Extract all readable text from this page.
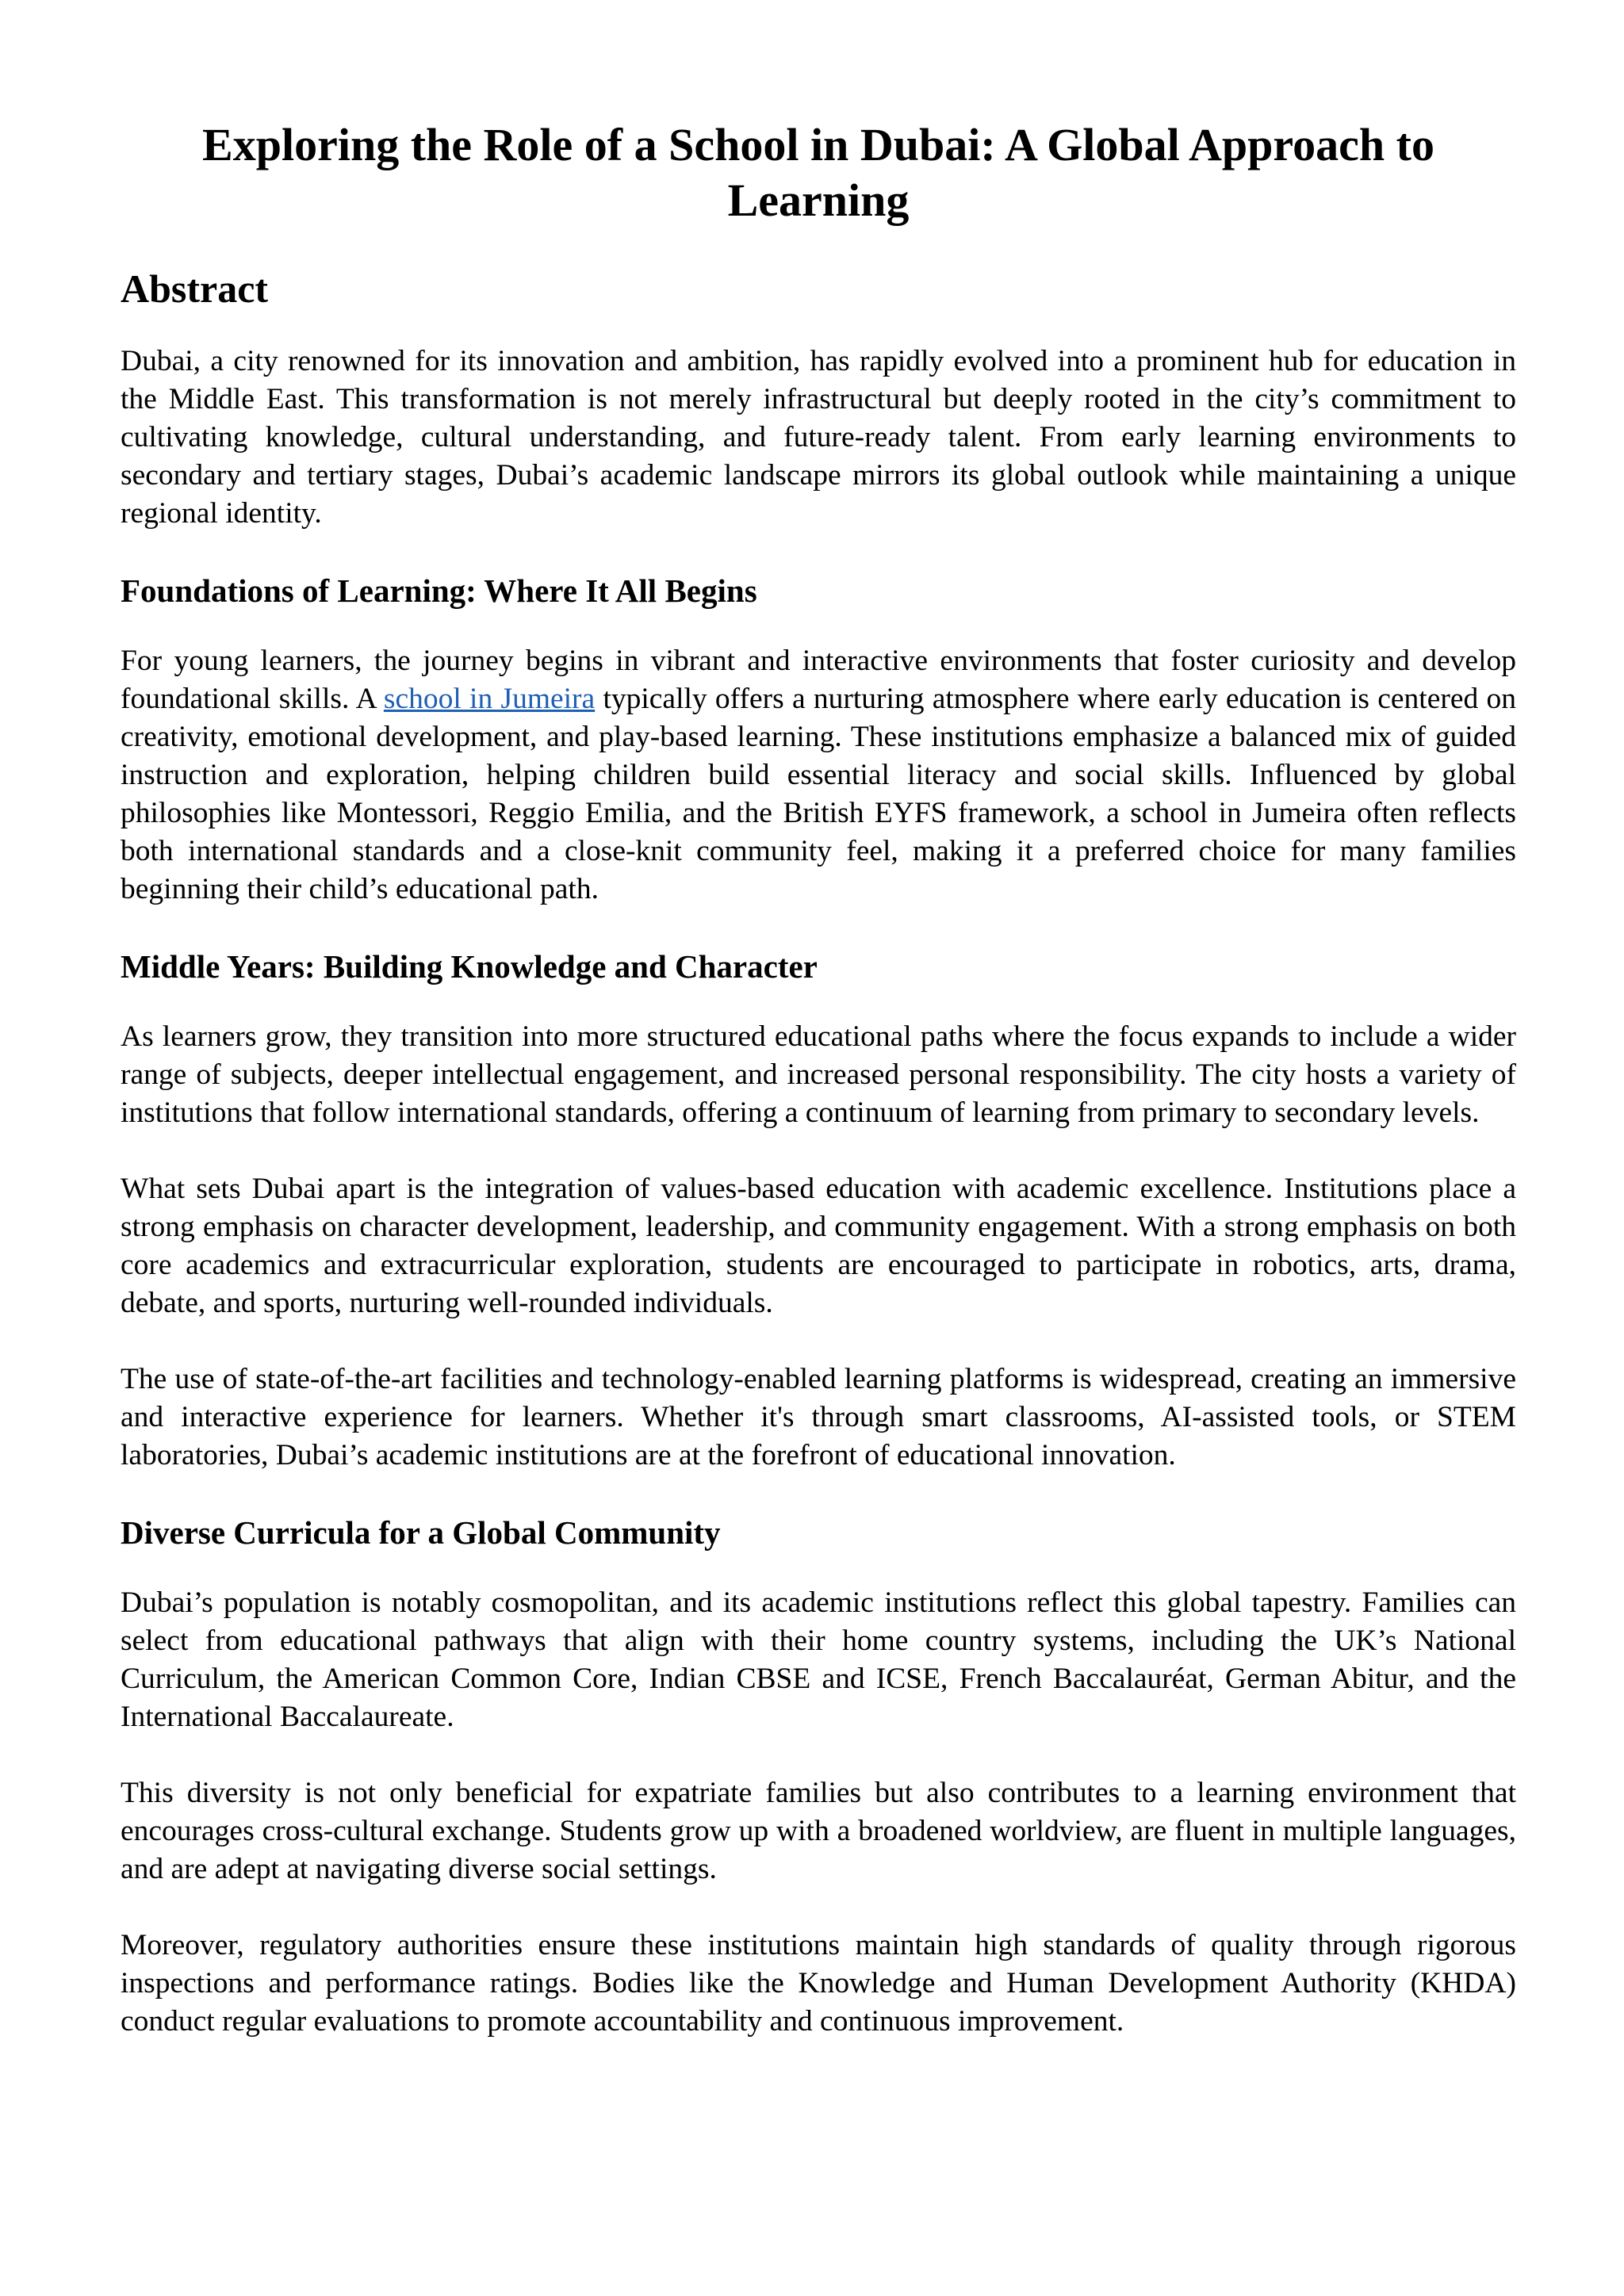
Exploring the Role of a School in Dubai: A Global Approach to Learning
Abstract

Dubai, a city renowned for its innovation and ambition, has rapidly evolved into a prominent hub for education in the Middle East. This transformation is not merely infrastructural but deeply rooted in the city’s commitment to cultivating knowledge, cultural understanding, and future-ready talent. From early learning environments to secondary and tertiary stages, Dubai’s academic landscape mirrors its global outlook while maintaining a unique regional identity.

Foundations of Learning: Where It All Begins

For young learners, the journey begins in vibrant and interactive environments that foster curiosity and develop foundational skills. A school in Jumeira typically offers a nurturing atmosphere where early education is centered on creativity, emotional development, and play-based learning. These institutions emphasize a balanced mix of guided instruction and exploration, helping children build essential literacy and social skills. Influenced by global philosophies like Montessori, Reggio Emilia, and the British EYFS framework, a school in Jumeira often reflects both international standards and a close-knit community feel, making it a preferred choice for many families beginning their child’s educational path.

Middle Years: Building Knowledge and Character

As learners grow, they transition into more structured educational paths where the focus expands to include a wider range of subjects, deeper intellectual engagement, and increased personal responsibility. The city hosts a variety of institutions that follow international standards, offering a continuum of learning from primary to secondary levels.

What sets Dubai apart is the integration of values-based education with academic excellence. Institutions place a strong emphasis on character development, leadership, and community engagement. With a strong emphasis on both core academics and extracurricular exploration, students are encouraged to participate in robotics, arts, drama, debate, and sports, nurturing well-rounded individuals.

The use of state-of-the-art facilities and technology-enabled learning platforms is widespread, creating an immersive and interactive experience for learners. Whether it's through smart classrooms, AI-assisted tools, or STEM laboratories, Dubai’s academic institutions are at the forefront of educational innovation.

Diverse Curricula for a Global Community

Dubai’s population is notably cosmopolitan, and its academic institutions reflect this global tapestry. Families can select from educational pathways that align with their home country systems, including the UK’s National Curriculum, the American Common Core, Indian CBSE and ICSE, French Baccalauréat, German Abitur, and the International Baccalaureate.

This diversity is not only beneficial for expatriate families but also contributes to a learning environment that encourages cross-cultural exchange. Students grow up with a broadened worldview, are fluent in multiple languages, and are adept at navigating diverse social settings.

Moreover, regulatory authorities ensure these institutions maintain high standards of quality through rigorous inspections and performance ratings. Bodies like the Knowledge and Human Development Authority (KHDA) conduct regular evaluations to promote accountability and continuous improvement.
